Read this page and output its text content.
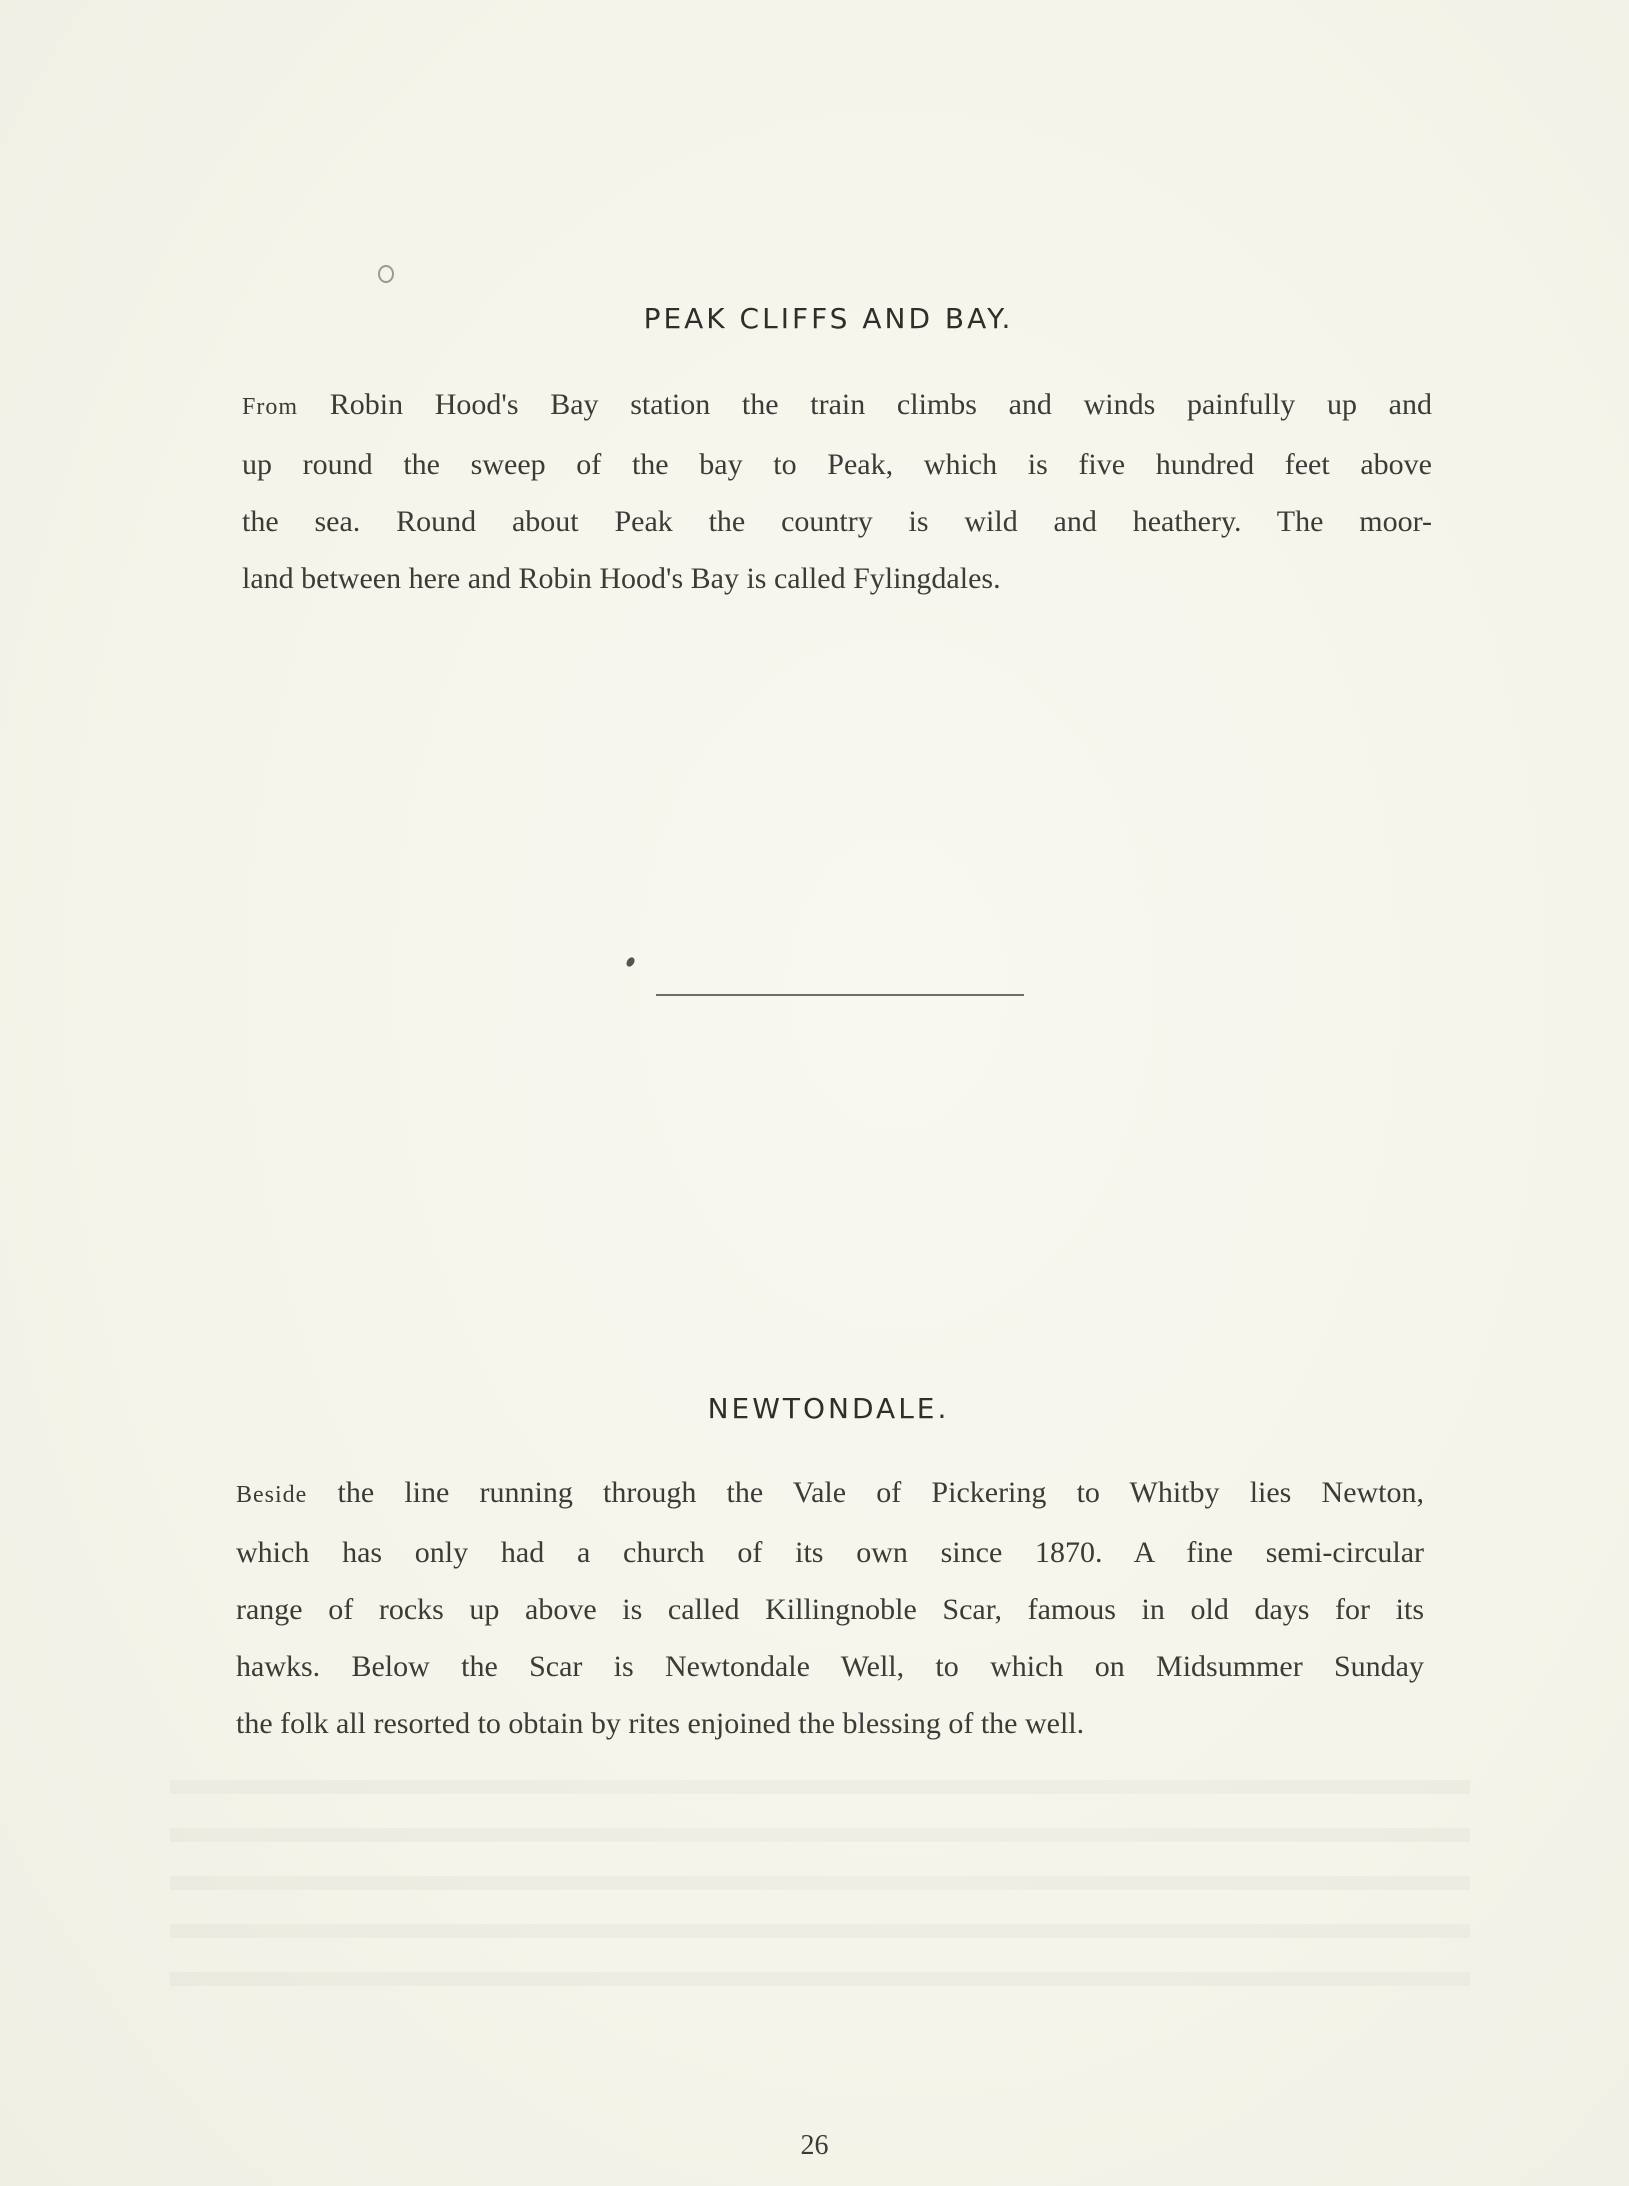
PEAK CLIFFS AND BAY.
From Robin Hood's Bay station the train climbs and winds painfully up and
up round the sweep of the bay to Peak, which is five hundred feet above
the sea. Round about Peak the country is wild and heathery. The moor-
land between here and Robin Hood's Bay is called Fylingdales.
NEWTONDALE.
Beside the line running through the Vale of Pickering to Whitby lies Newton,
which has only had a church of its own since 1870. A fine semi-circular
range of rocks up above is called Killingnoble Scar, famous in old days for its
hawks. Below the Scar is Newtondale Well, to which on Midsummer Sunday
the folk all resorted to obtain by rites enjoined the blessing of the well.
26
